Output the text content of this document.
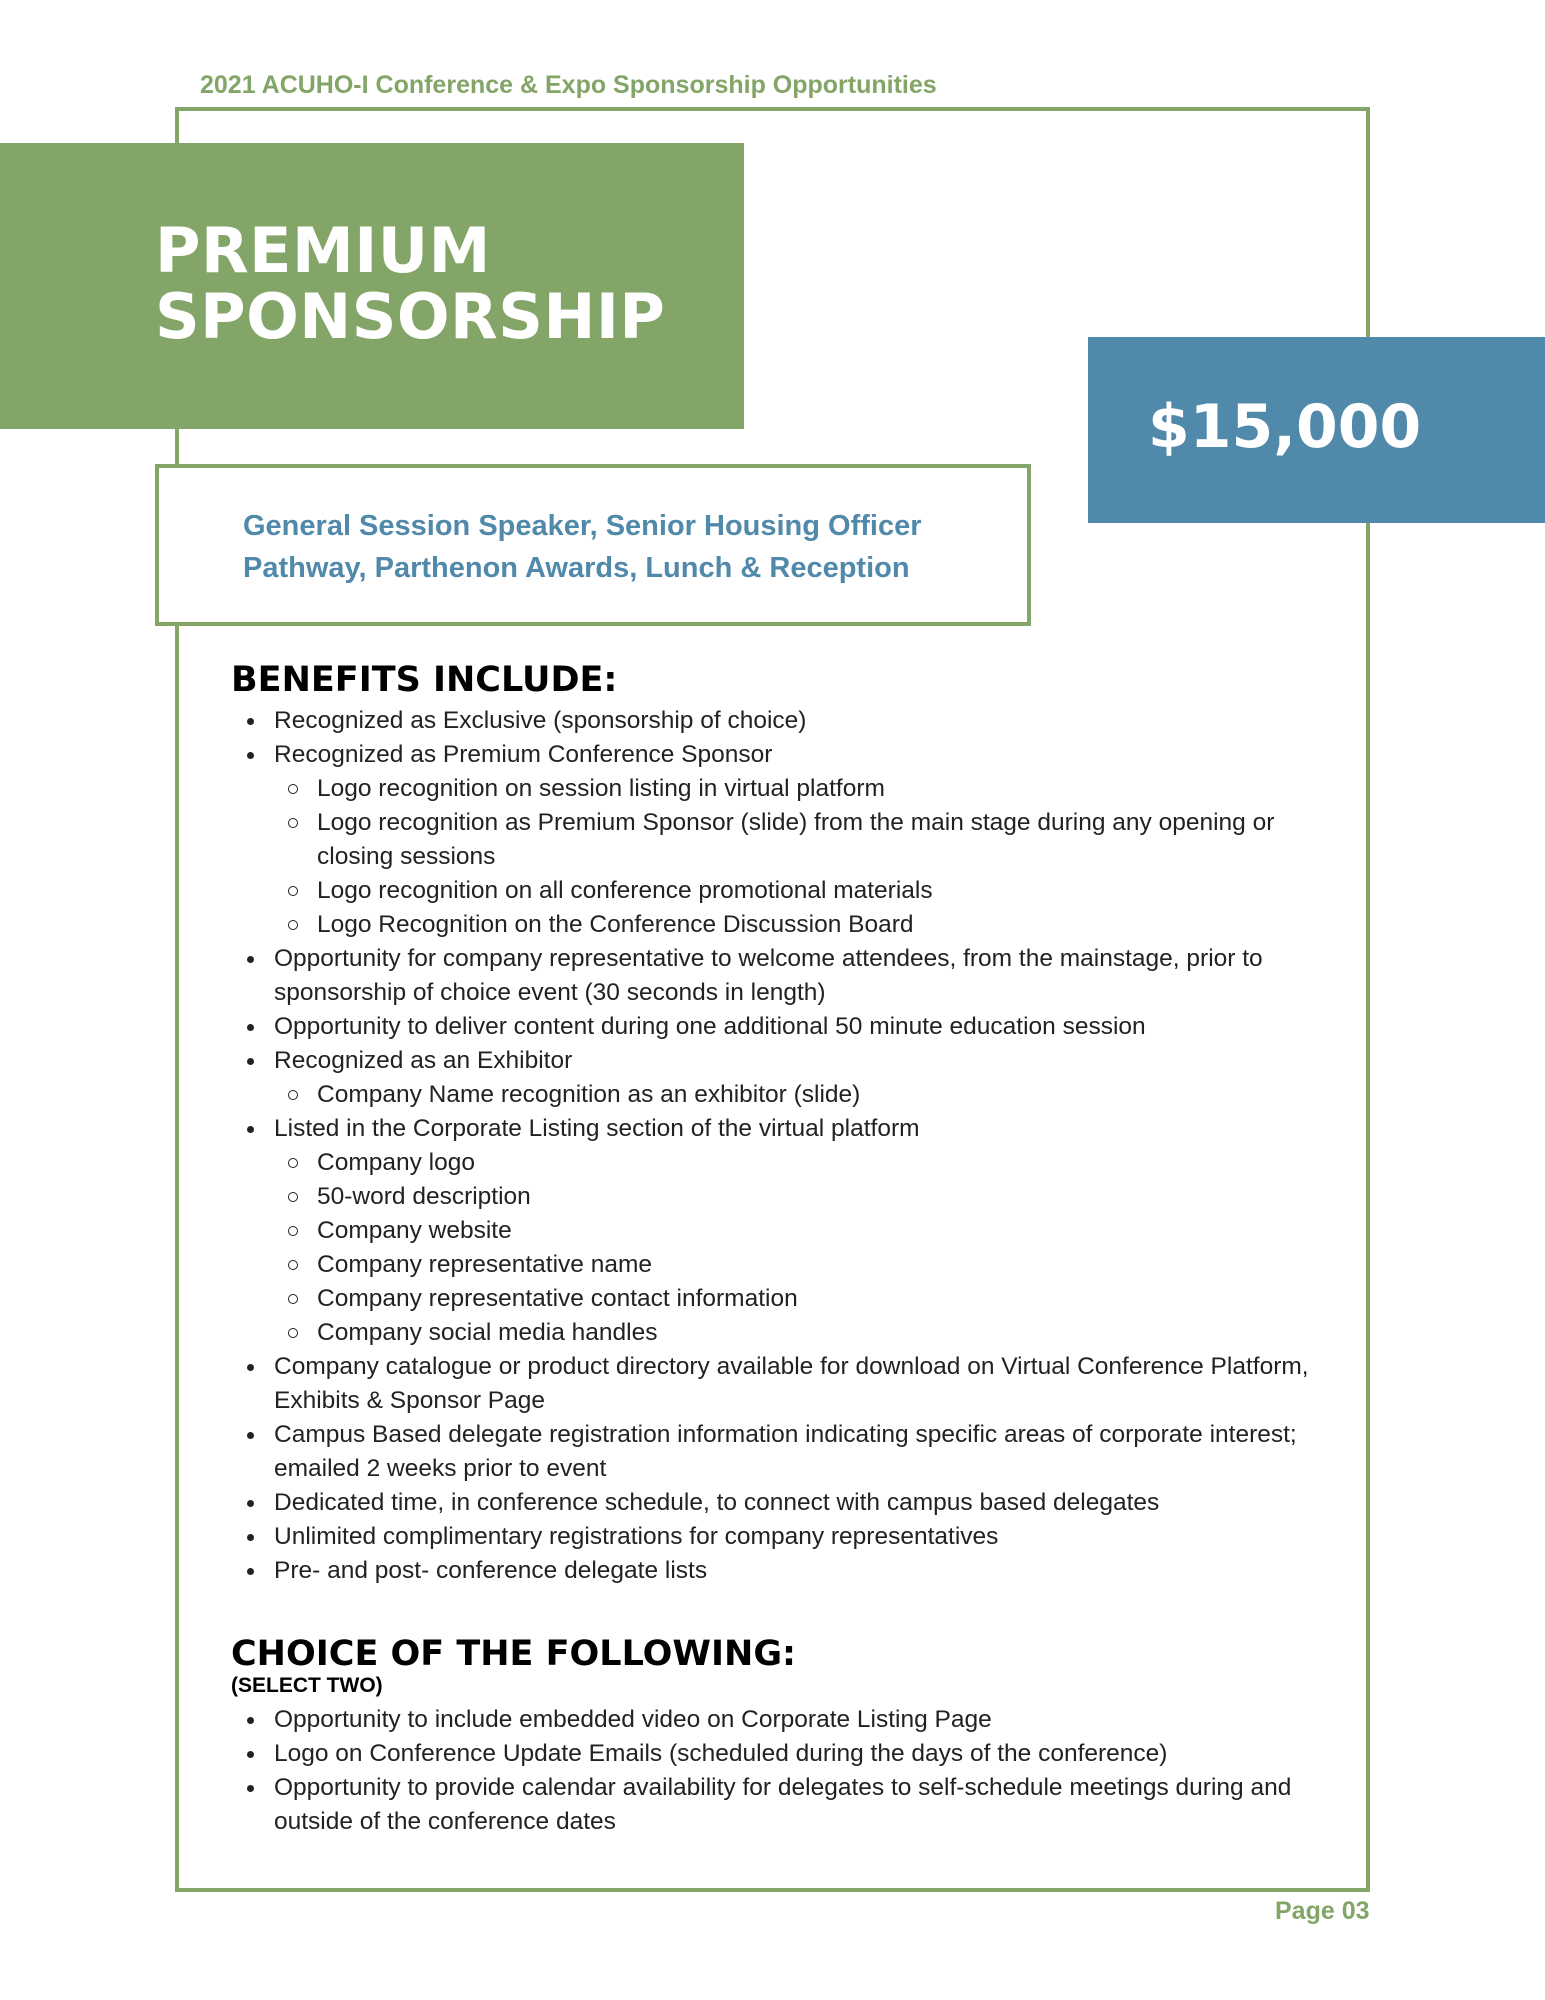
2021 ACUHO-I Conference & Expo Sponsorship Opportunities
PREMIUM
SPONSORSHIP
$15,000

General Session Speaker, Senior Housing Officer
Pathway, Parthenon Awards, Lunch & Reception

BENEFITS INCLUDE:
Recognized as Exclusive (sponsorship of choice)
Recognized as Premium Conference Sponsor
Logo recognition on session listing in virtual platform
Logo recognition as Premium Sponsor (slide) from the main stage during any opening or closing sessions
Logo recognition on all conference promotional materials
Logo Recognition on the Conference Discussion Board
Opportunity for company representative to welcome attendees, from the mainstage, prior to sponsorship of choice event (30 seconds in length)
Opportunity to deliver content during one additional 50 minute education session
Recognized as an Exhibitor
Company Name recognition as an exhibitor (slide)
Listed in the Corporate Listing section of the virtual platform
Company logo
50-word description
Company website
Company representative name
Company representative contact information
Company social media handles
Company catalogue or product directory available for download on Virtual Conference Platform, Exhibits & Sponsor Page
Campus Based delegate registration information indicating specific areas of corporate interest; emailed 2 weeks prior to event
Dedicated time, in conference schedule, to connect with campus based delegates
Unlimited complimentary registrations for company representatives
Pre- and post- conference delegate lists
CHOICE OF THE FOLLOWING:
(SELECT TWO)
Opportunity to include embedded video on Corporate Listing Page
Logo on Conference Update Emails (scheduled during the days of the conference)
Opportunity to provide calendar availability for delegates to self-schedule meetings during and outside of the conference dates
Page 03
